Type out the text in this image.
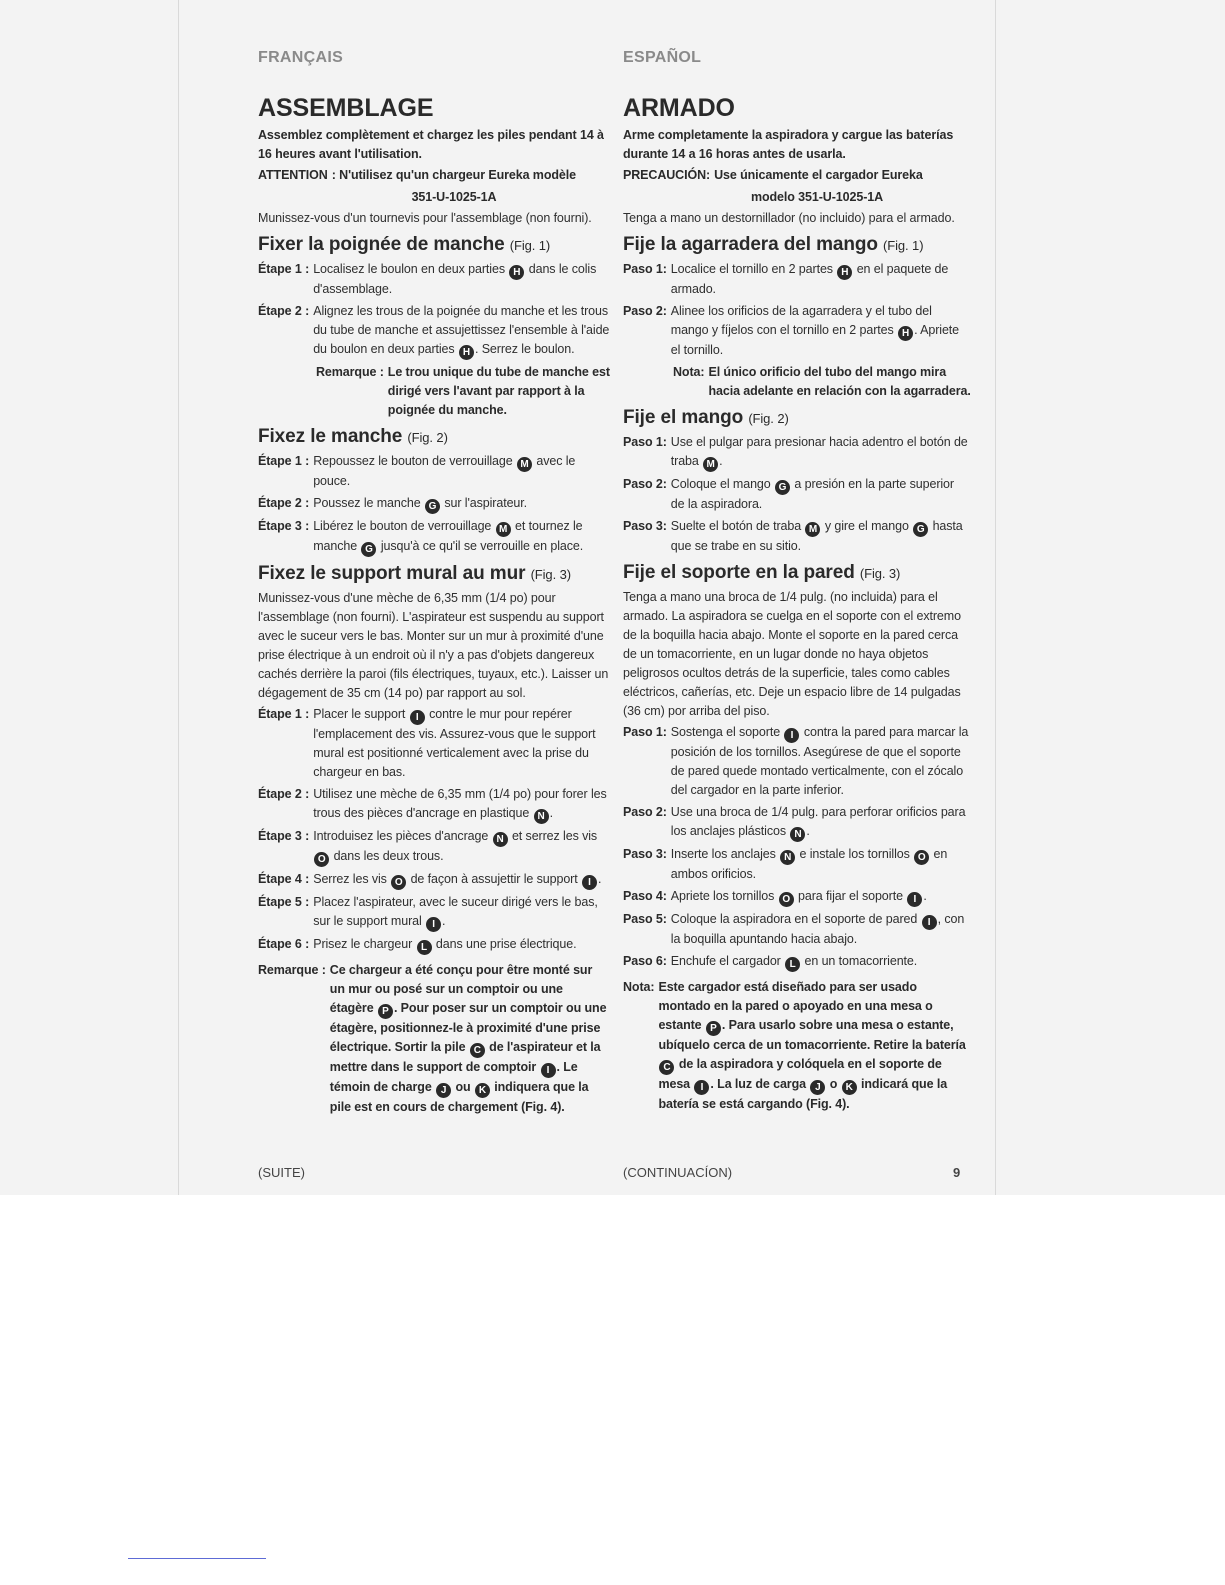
FRANÇAIS
ASSEMBLAGE

Assemblez complètement et chargez les piles pendant 14 à 16 heures avant l'utilisation.

ATTENTION : N'utilisez qu'un chargeur Eureka modèle

351-U-1025-1A

Munissez-vous d'un tournevis pour l'assemblage (non fourni).

Fixer la poignée de manche (Fig. 1)
Étape 1 : Localisez le boulon en deux parties H dans le colis d'assemblage.
Étape 2 : Alignez les trous de la poignée du manche et les trous du tube de manche et assujettissez l'ensemble à l'aide du boulon en deux parties H . Serrez le boulon.
Remarque : Le trou unique du tube de manche est dirigé vers l'avant par rapport à la poignée du manche.
Fixez le manche (Fig. 2)
Étape 1 : Repoussez le bouton de verrouillage M avec le pouce.
Étape 2 : Poussez le manche G sur l'aspirateur.
Étape 3 : Libérez le bouton de verrouillage M et tournez le manche G jusqu'à ce qu'il se verrouille en place.
Fixez le support mural au mur (Fig. 3)

Munissez-vous d'une mèche de 6,35 mm (1/4 po) pour l'assemblage (non fourni). L'aspirateur est suspendu au support avec le suceur vers le bas. Monter sur un mur à proximité d'une prise électrique à un endroit où il n'y a pas d'objets dangereux cachés derrière la paroi (fils électriques, tuyaux, etc.). Laisser un dégagement de 35 cm (14 po) par rapport au sol.

Étape 1 : Placer le support I contre le mur pour repérer l'emplacement des vis. Assurez-vous que le support mural est positionné verticalement avec la prise du chargeur en bas.
Étape 2 : Utilisez une mèche de 6,35 mm (1/4 po) pour forer les trous des pièces d'ancrage en plastique N .
Étape 3 : Introduisez les pièces d'ancrage N et serrez les vis O dans les deux trous.
Étape 4 : Serrez les vis O de façon à assujettir le support I .
Étape 5 : Placez l'aspirateur, avec le suceur dirigé vers le bas, sur le support mural I .
Étape 6 : Prisez le chargeur L dans une prise électrique.
Remarque : Ce chargeur a été conçu pour être monté sur un mur ou posé sur un comptoir ou une étagère P . Pour poser sur un comptoir ou une étagère, positionnez-le à proximité d'une prise électrique. Sortir la pile C de l'aspirateur et la mettre dans le support de comptoir I . Le témoin de charge J ou K indiquera que la pile est en cours de chargement (Fig. 4).
ESPAÑOL
ARMADO

Arme completamente la aspiradora y cargue las baterías durante 14 a 16 horas antes de usarla.

PRECAUCIÓN: Use únicamente el cargador Eureka

modelo 351-U-1025-1A

Tenga a mano un destornillador (no incluido) para el armado.

Fije la agarradera del mango (Fig. 1)
Paso 1: Localice el tornillo en 2 partes H en el paquete de armado.
Paso 2: Alinee los orificios de la agarradera y el tubo del mango y fíjelos con el tornillo en 2 partes H . Apriete el tornillo.
Nota: El único orificio del tubo del mango mira hacia adelante en relación con la agarradera.
Fije el mango (Fig. 2)
Paso 1: Use el pulgar para presionar hacia adentro el botón de traba M .
Paso 2: Coloque el mango G a presión en la parte superior de la aspiradora.
Paso 3: Suelte el botón de traba M y gire el mango G hasta que se trabe en su sitio.
Fije el soporte en la pared (Fig. 3)

Tenga a mano una broca de 1/4 pulg. (no incluida) para el armado. La aspiradora se cuelga en el soporte con el extremo de la boquilla hacia abajo. Monte el soporte en la pared cerca de un tomacorriente, en un lugar donde no haya objetos peligrosos ocultos detrás de la superficie, tales como cables eléctricos, cañerías, etc. Deje un espacio libre de 14 pulgadas (36 cm) por arriba del piso.

Paso 1: Sostenga el soporte I contra la pared para marcar la posición de los tornillos. Asegúrese de que el soporte de pared quede montado verticalmente, con el zócalo del cargador en la parte inferior.
Paso 2: Use una broca de 1/4 pulg. para perforar orificios para los anclajes plásticos N .
Paso 3: Inserte los anclajes N e instale los tornillos O en ambos orificios.
Paso 4: Apriete los tornillos O para fijar el soporte I .
Paso 5: Coloque la aspiradora en el soporte de pared I , con la boquilla apuntando hacia abajo.
Paso 6: Enchufe el cargador L en un tomacorriente.
Nota: Este cargador está diseñado para ser usado montado en la pared o apoyado en una mesa o estante P . Para usarlo sobre una mesa o estante, ubíquelo cerca de un tomacorriente. Retire la batería C de la aspiradora y colóquela en el soporte de mesa I . La luz de carga J o K indicará que la batería se está cargando (Fig. 4).
(SUITE)	(CONTINUACÍON)	9
